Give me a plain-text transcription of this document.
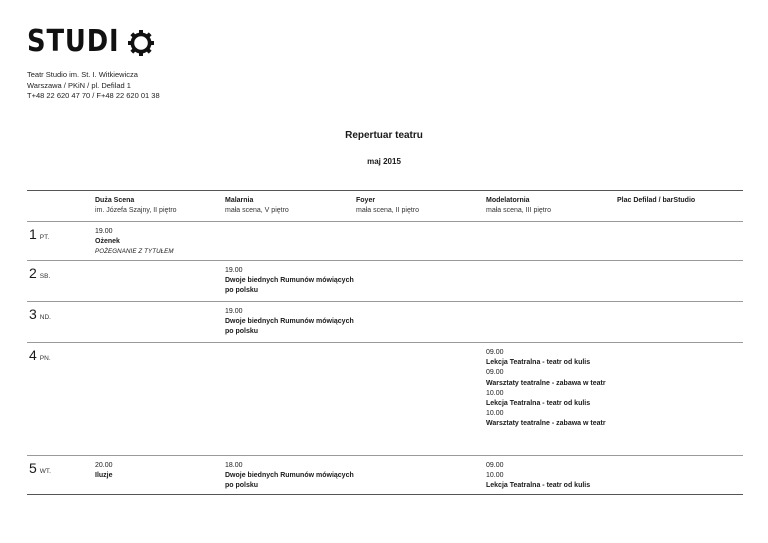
STUDI
Teatr Studio im. St. I. Witkiewicza
Warszawa / PKiN / pl. Defilad 1
T+48 22 620 47 70 / F+48 22 620 01 38
Repertuar teatru
maj 2015
Duża Scena
im. Józefa Szajny, II piętro
Malarnia
mała scena, V piętro
Foyer
mała scena, II piętro
Modelatornia
mała scena, III piętro
Plac Defilad / barStudio
1 PT.
19.00
Ożenek
POŻEGNANIE Z TYTUŁEM
2 SB.
19.00
Dwoje biednych Rumunów mówiących po polsku
3 ND.
19.00
Dwoje biednych Rumunów mówiących po polsku
4 PN.
09.00
Lekcja Teatralna - teatr od kulis
09.00
Warsztaty teatralne - zabawa w teatr
10.00
Lekcja Teatralna - teatr od kulis
10.00
Warsztaty teatralne - zabawa w teatr
5 WT.
20.00
Iluzje
18.00
Dwoje biednych Rumunów mówiących po polsku
09.00
10.00
Lekcja Teatralna - teatr od kulis
